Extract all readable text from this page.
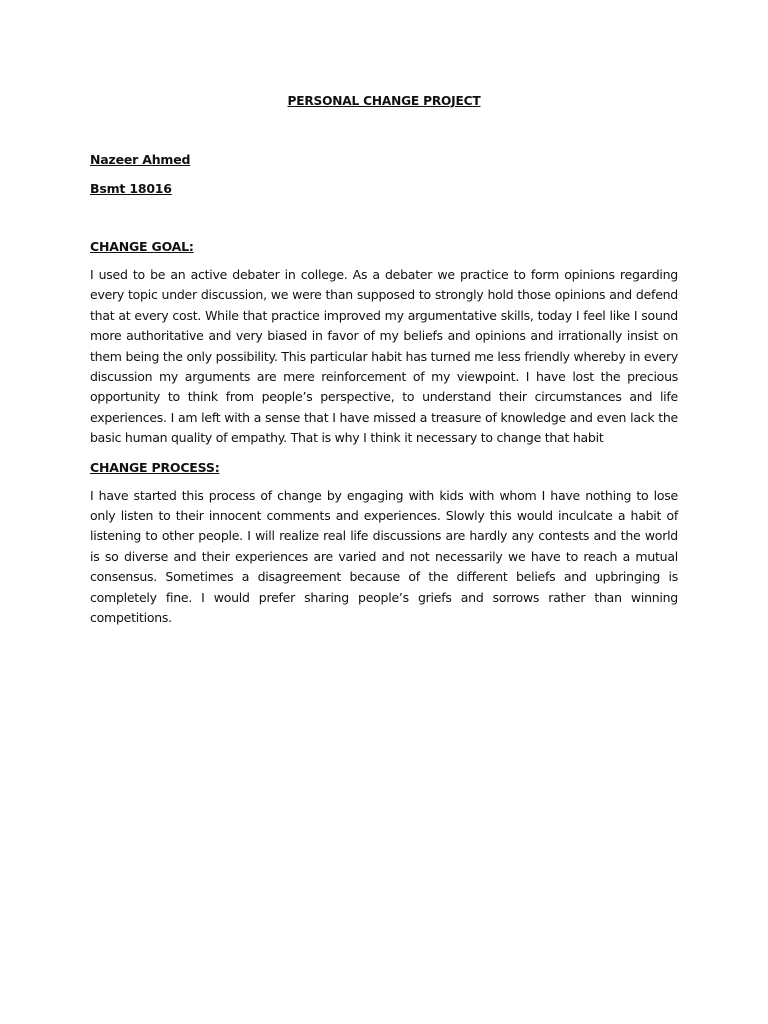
PERSONAL CHANGE PROJECT

Nazeer Ahmed

Bsmt 18016

CHANGE GOAL:

I used to be an active debater in college. As a debater we practice to form opinions regarding every topic under discussion, we were than supposed to strongly hold those opinions and defend that at every cost. While that practice improved my argumentative skills, today I feel like I sound more authoritative and very biased in favor of my beliefs and opinions and irrationally insist on them being the only possibility. This particular habit has turned me less friendly whereby in every discussion my arguments are mere reinforcement of my viewpoint. I have lost the precious opportunity to think from people’s perspective, to understand their circumstances and life experiences. I am left with a sense that I have missed a treasure of knowledge and even lack the basic human quality of empathy. That is why I think it necessary to change that habit

CHANGE PROCESS:

I have started this process of change by engaging with kids with whom I have nothing to lose only listen to their innocent comments and experiences. Slowly this would inculcate a habit of listening to other people. I will realize real life discussions are hardly any contests and the world is so diverse and their experiences are varied and not necessarily we have to reach a mutual consensus. Sometimes a disagreement because of the different beliefs and upbringing is completely fine. I would prefer sharing people’s griefs and sorrows rather than winning competitions.
